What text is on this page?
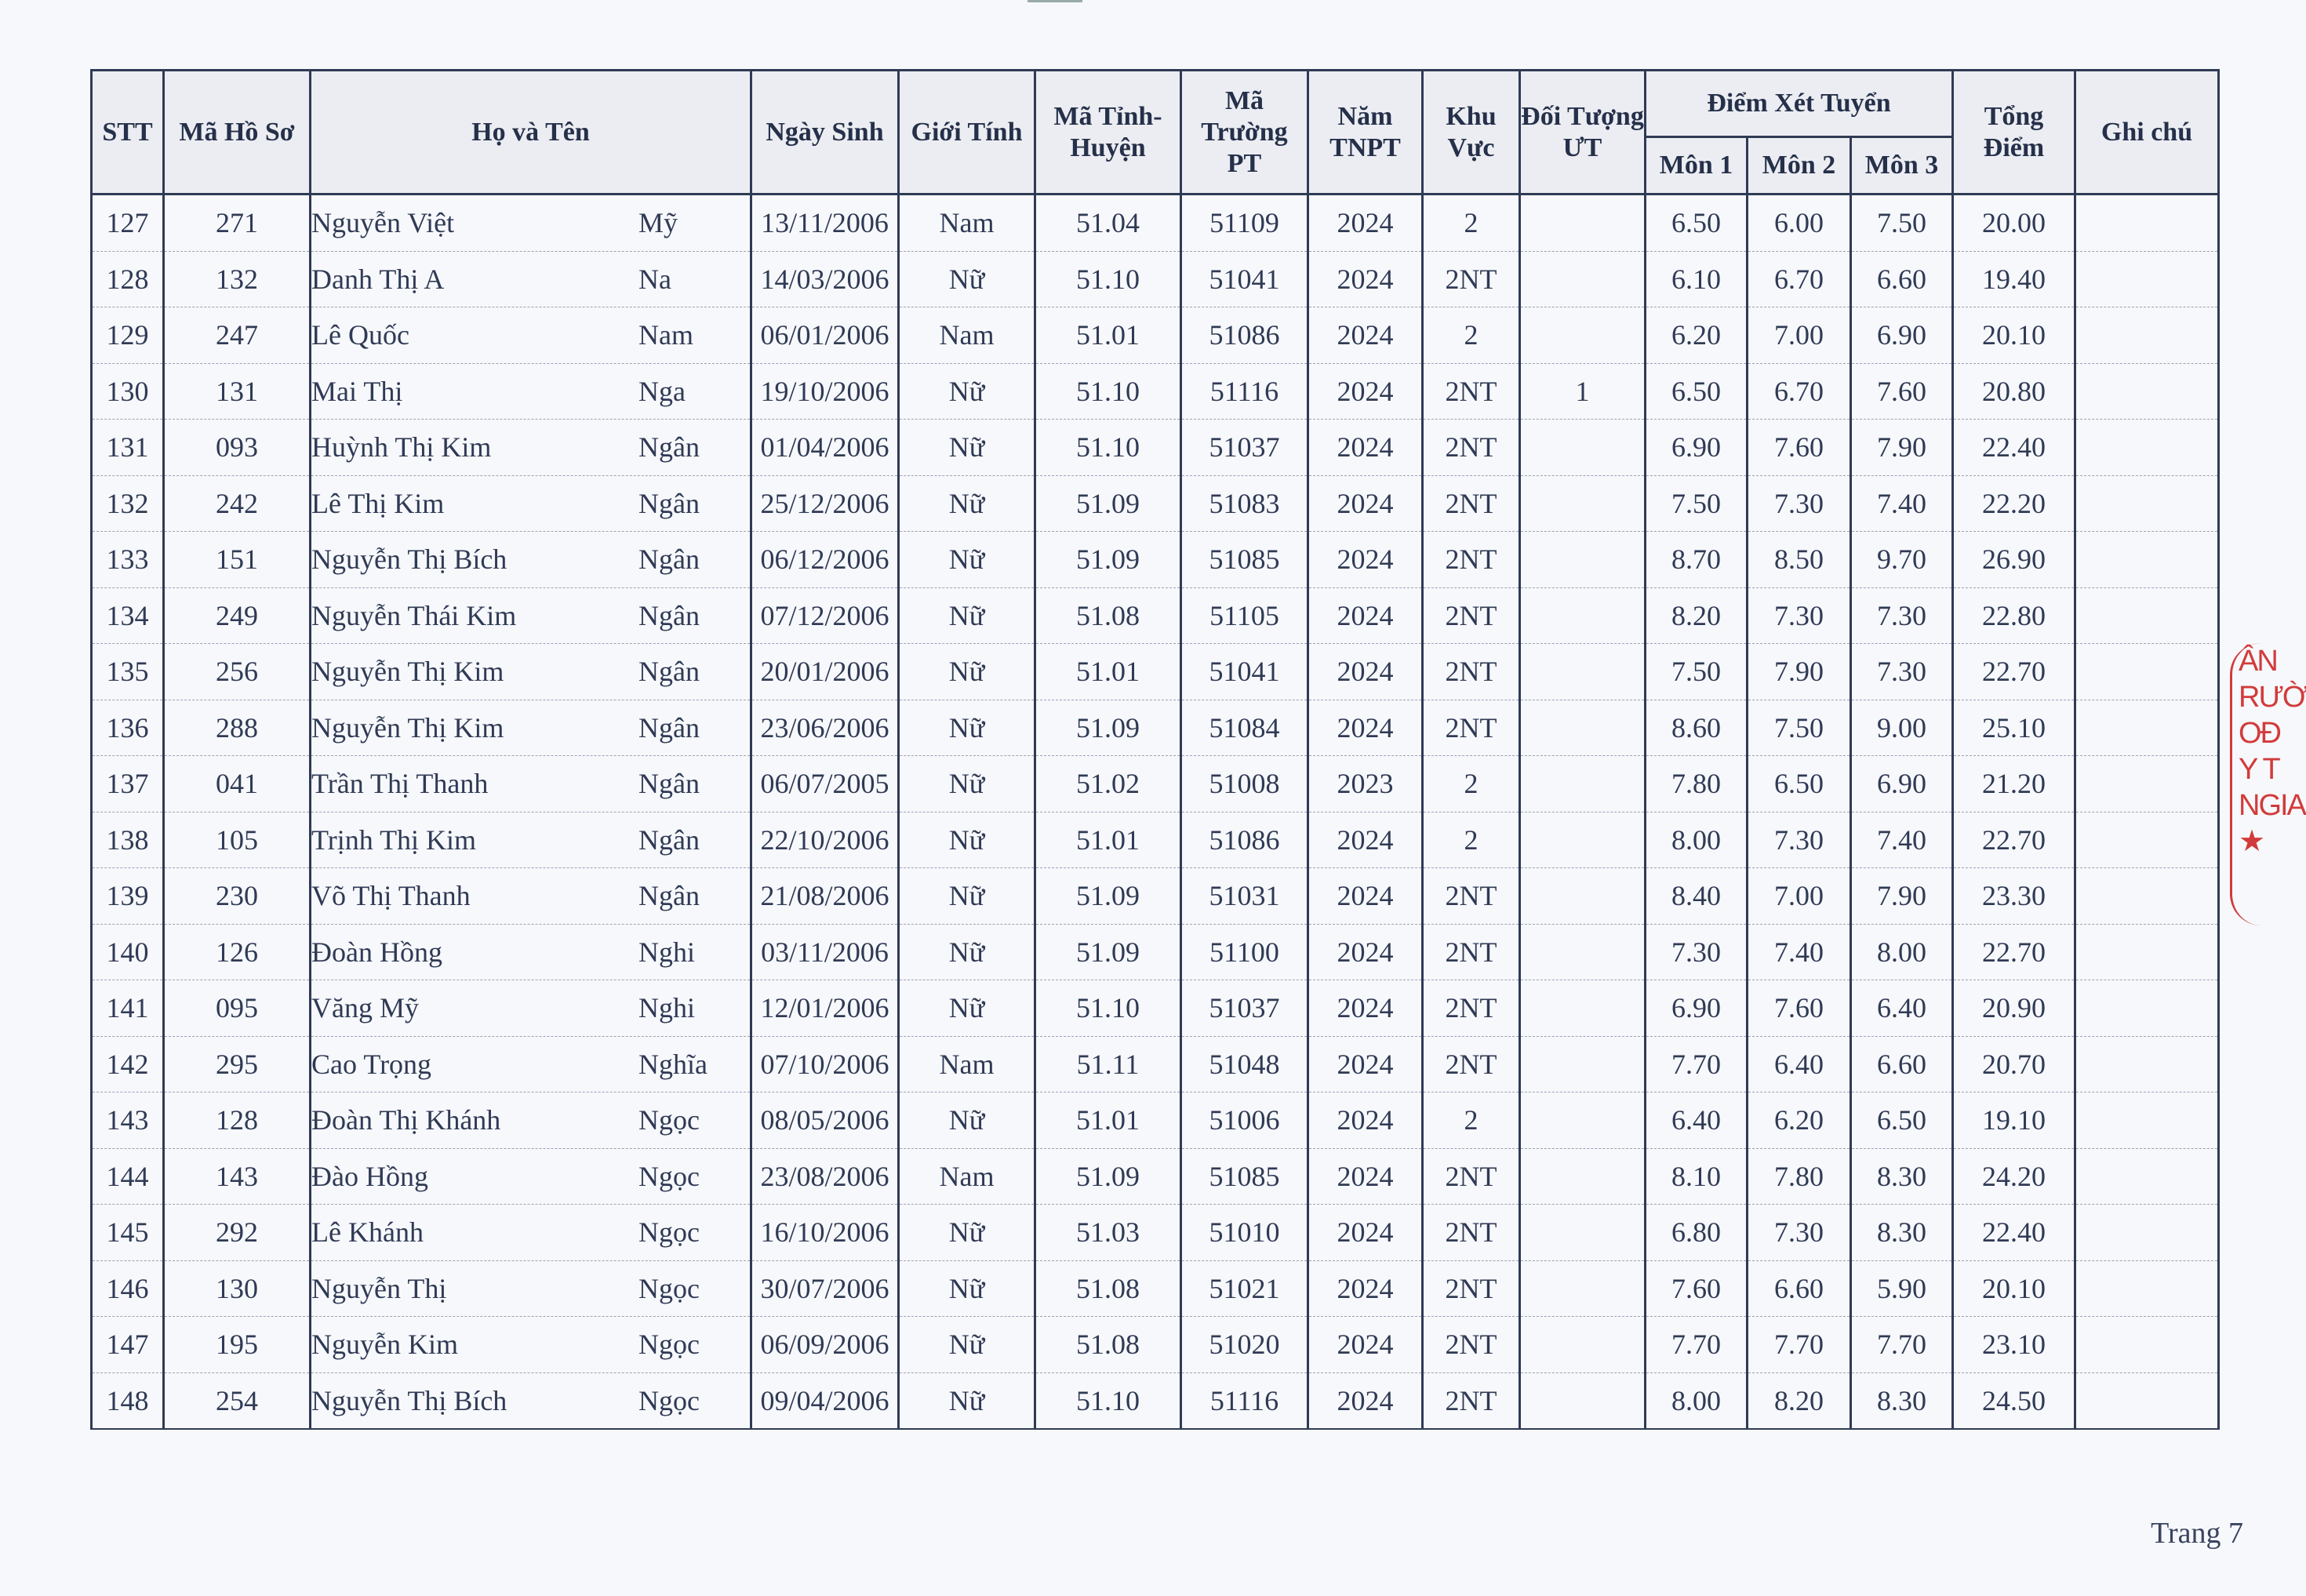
STT	Mã Hồ Sơ	Họ và Tên	Ngày Sinh	Giới Tính	Mã Tỉnh-Huyện	Mã Trường PT	Năm TNPT	Khu Vực	Đối Tượng ƯT	Điểm Xét Tuyển			Tổng Điểm	Ghi chú
										Môn 1	Môn 2	Môn 3		
127	271	Nguyễn Việt Mỹ	13/11/2006	Nam	51.04	51109	2024	2		6.50	6.00	7.50	20.00	
128	132	Danh Thị A Na	14/03/2006	Nữ	51.10	51041	2024	2NT		6.10	6.70	6.60	19.40	
129	247	Lê Quốc Nam	06/01/2006	Nam	51.01	51086	2024	2		6.20	7.00	6.90	20.10	
130	131	Mai Thị Nga	19/10/2006	Nữ	51.10	51116	2024	2NT	1	6.50	6.70	7.60	20.80	
131	093	Huỳnh Thị Kim Ngân	01/04/2006	Nữ	51.10	51037	2024	2NT		6.90	7.60	7.90	22.40	
132	242	Lê Thị Kim Ngân	25/12/2006	Nữ	51.09	51083	2024	2NT		7.50	7.30	7.40	22.20	
133	151	Nguyễn Thị Bích Ngân	06/12/2006	Nữ	51.09	51085	2024	2NT		8.70	8.50	9.70	26.90	
134	249	Nguyễn Thái Kim Ngân	07/12/2006	Nữ	51.08	51105	2024	2NT		8.20	7.30	7.30	22.80	
135	256	Nguyễn Thị Kim Ngân	20/01/2006	Nữ	51.01	51041	2024	2NT		7.50	7.90	7.30	22.70	
136	288	Nguyễn Thị Kim Ngân	23/06/2006	Nữ	51.09	51084	2024	2NT		8.60	7.50	9.00	25.10	
137	041	Trần Thị Thanh Ngân	06/07/2005	Nữ	51.02	51008	2023	2		7.80	6.50	6.90	21.20	
138	105	Trịnh Thị Kim Ngân	22/10/2006	Nữ	51.01	51086	2024	2		8.00	7.30	7.40	22.70	
139	230	Võ Thị Thanh Ngân	21/08/2006	Nữ	51.09	51031	2024	2NT		8.40	7.00	7.90	23.30	
140	126	Đoàn Hồng Nghi	03/11/2006	Nữ	51.09	51100	2024	2NT		7.30	7.40	8.00	22.70	
141	095	Văng Mỹ Nghi	12/01/2006	Nữ	51.10	51037	2024	2NT		6.90	7.60	6.40	20.90	
142	295	Cao Trọng Nghĩa	07/10/2006	Nam	51.11	51048	2024	2NT		7.70	6.40	6.60	20.70	
143	128	Đoàn Thị Khánh Ngọc	08/05/2006	Nữ	51.01	51006	2024	2		6.40	6.20	6.50	19.10	
144	143	Đào Hồng Ngọc	23/08/2006	Nam	51.09	51085	2024	2NT		8.10	7.80	8.30	24.20	
145	292	Lê Khánh Ngọc	16/10/2006	Nữ	51.03	51010	2024	2NT		6.80	7.30	8.30	22.40	
146	130	Nguyễn Thị Ngọc	30/07/2006	Nữ	51.08	51021	2024	2NT		7.60	6.60	5.90	20.10	
147	195	Nguyễn Kim Ngọc	06/09/2006	Nữ	51.08	51020	2024	2NT		7.70	7.70	7.70	23.10	
148	254	Nguyễn Thị Bích Ngọc	09/04/2006	Nữ	51.10	51116	2024	2NT		8.00	8.20	8.30	24.50	
ÂN
RƯỜ
OĐ
Y T
NGIA
★
Trang 7
